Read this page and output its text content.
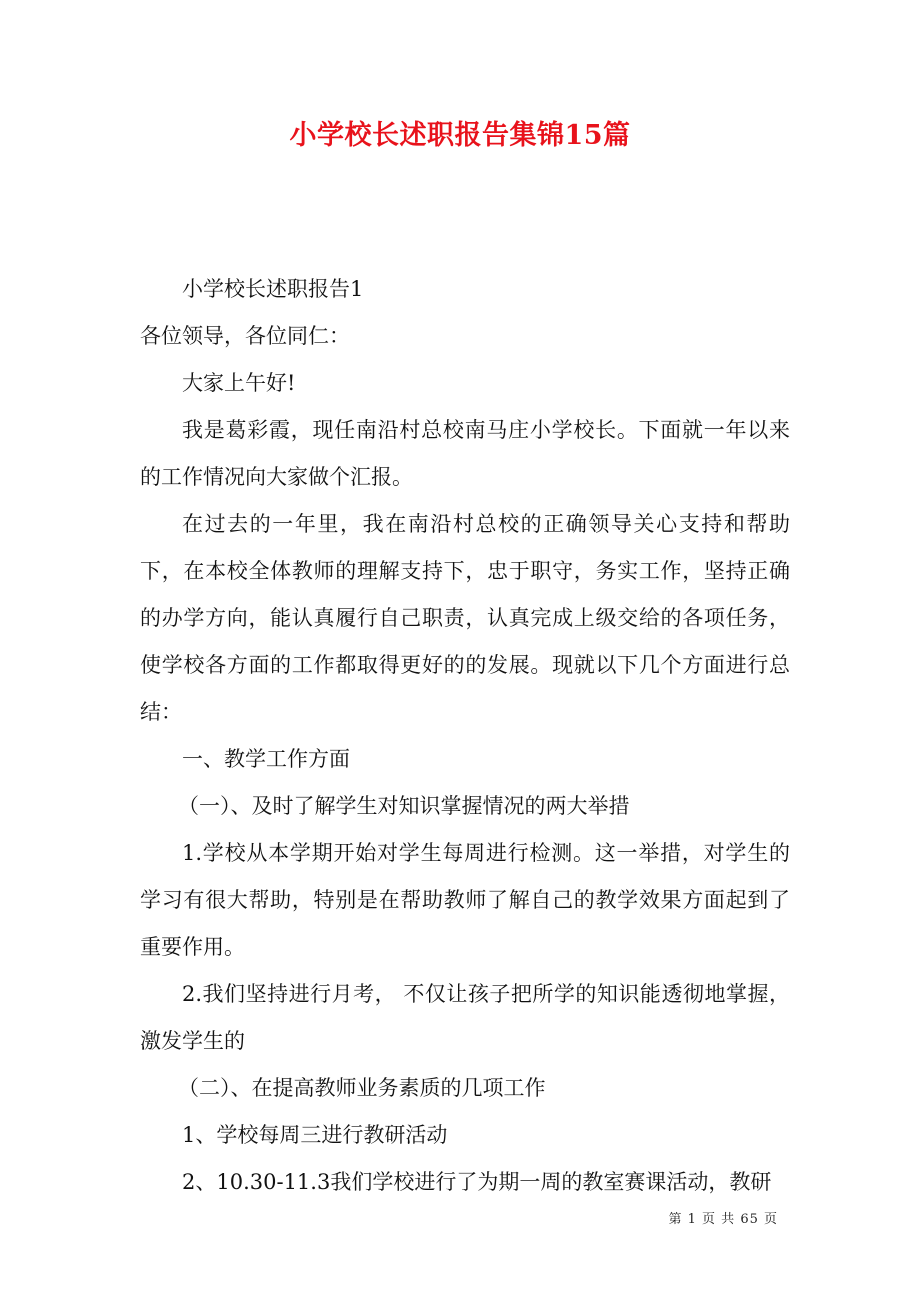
小学校长述职报告集锦15篇

小学校长述职报告1

各位领导，各位同仁：

大家上午好!

我是葛彩霞，现任南沿村总校南马庄小学校长。下面就一年以来的工作情况向大家做个汇报。

在过去的一年里，我在南沿村总校的正确领导关心支持和帮助下，在本校全体教师的理解支持下，忠于职守，务实工作，坚持正确的办学方向，能认真履行自己职责，认真完成上级交给的各项任务，使学校各方面的工作都取得更好的的发展。现就以下几个方面进行总结：

一、教学工作方面

（一）、及时了解学生对知识掌握情况的两大举措

1.学校从本学期开始对学生每周进行检测。这一举措，对学生的学习有很大帮助，特别是在帮助教师了解自己的教学效果方面起到了重要作用。

2.我们坚持进行月考， 不仅让孩子把所学的知识能透彻地掌握，激发学生的

（二）、在提高教师业务素质的几项工作

1、学校每周三进行教研活动

2、10.30-11.3我们学校进行了为期一周的教室赛课活动，教研

第 1 页 共 65 页
